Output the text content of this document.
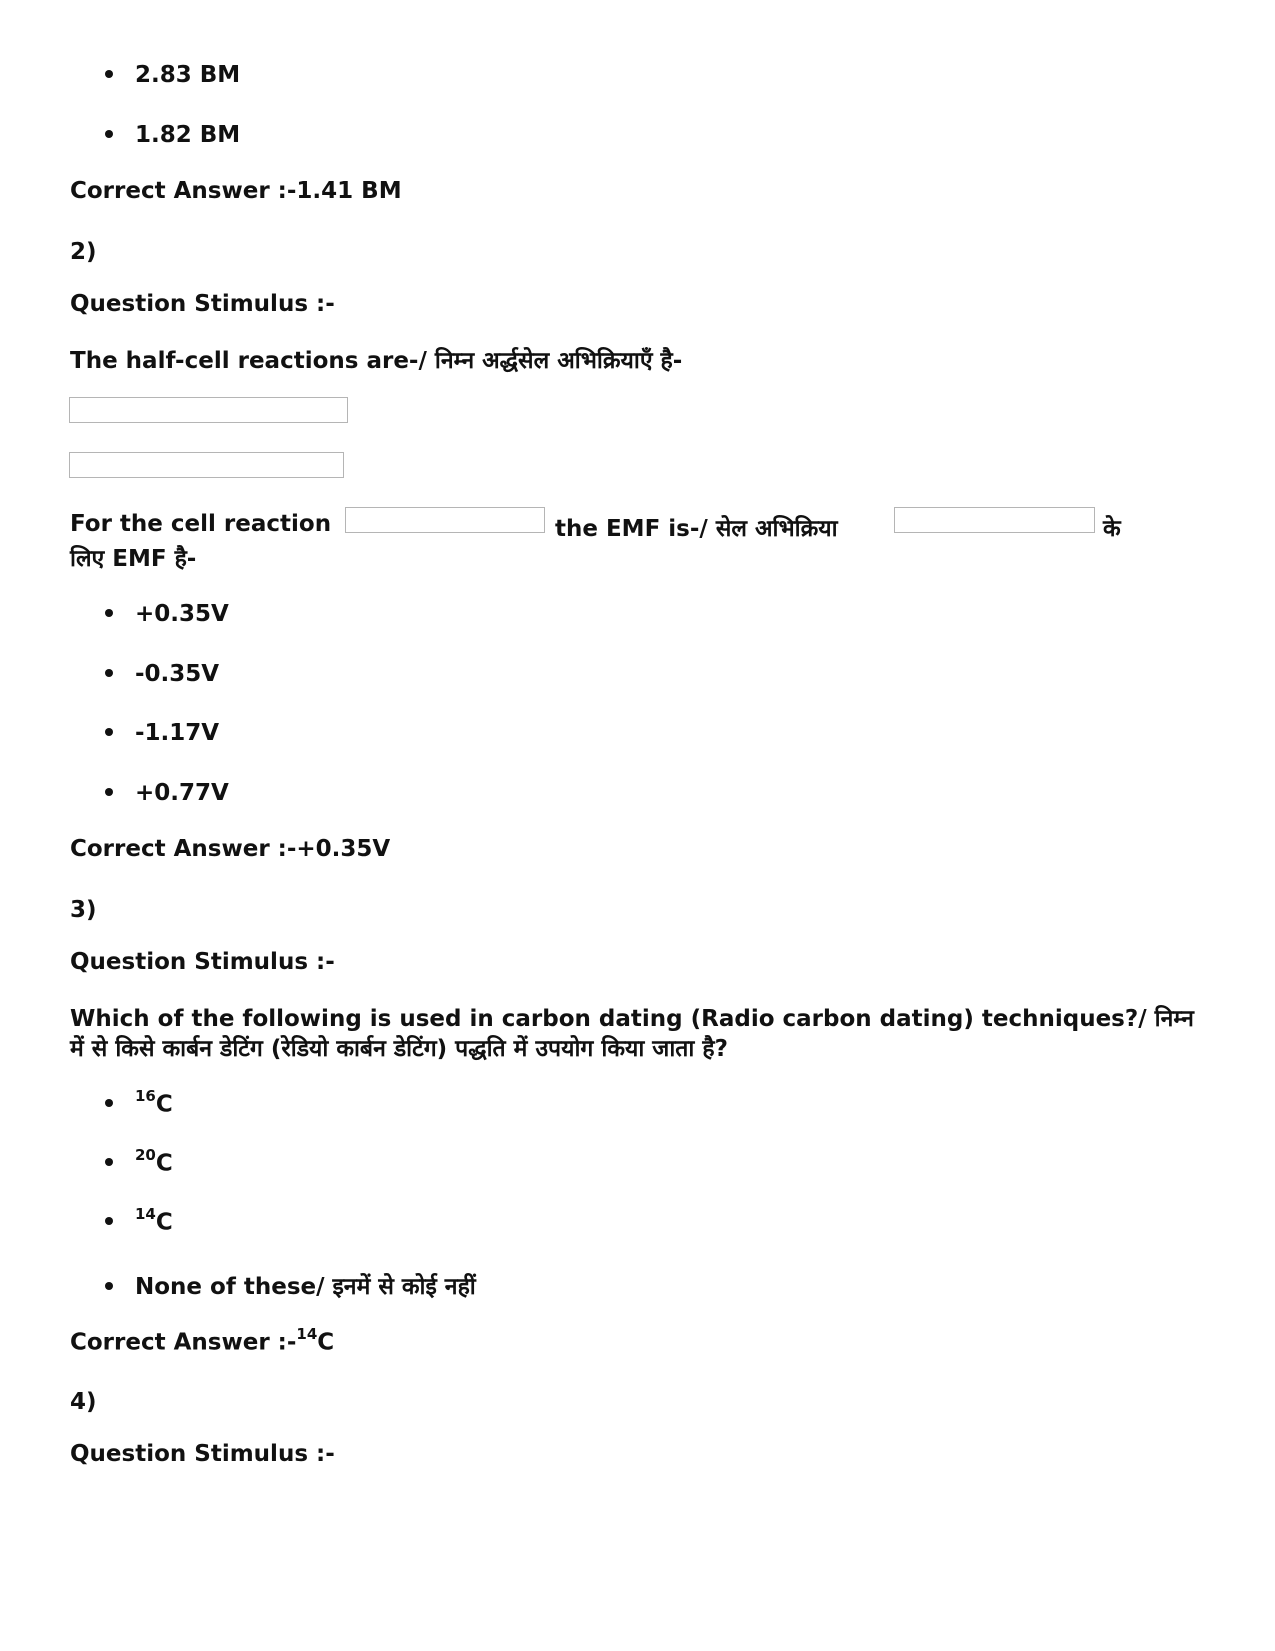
2.83 BM
1.82 BM
Correct Answer :-1.41 BM
2)
Question Stimulus :-
The half-cell reactions are-/ निम्न अर्द्धसेल अभिक्रियाएँ है-
For the cell reaction	the EMF is-/ सेल अभिक्रिया	के
लिए EMF है-
+0.35V
-0.35V
-1.17V
+0.77V
Correct Answer :-+0.35V
3)
Question Stimulus :-
Which of the following is used in carbon dating (Radio carbon dating) techniques?/ निम्न
में से किसे कार्बन डेटिंग (रेडियो कार्बन डेटिंग) पद्धति में उपयोग किया जाता है?
$^{16}$C
$^{20}$C
$^{14}$C
None of these/ इनमें से कोई नहीं
Correct Answer :-$^{14}$C
4)
Question Stimulus :-
